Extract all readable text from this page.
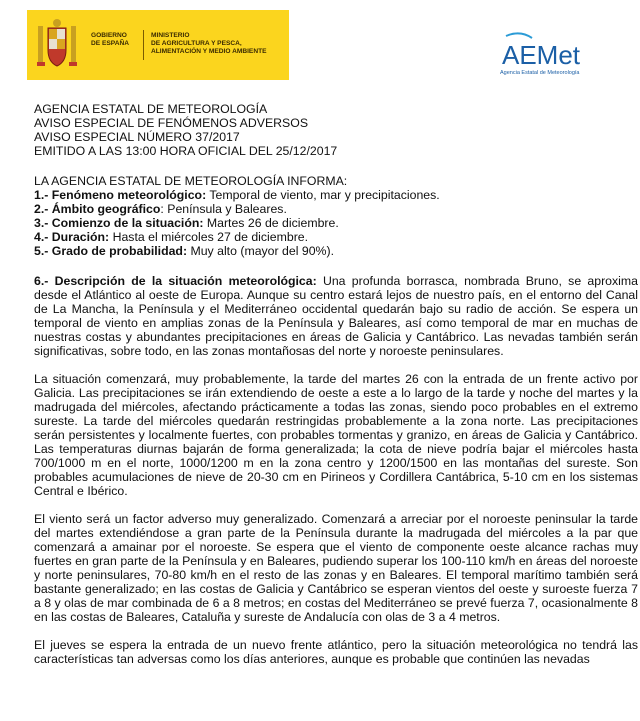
GOBIERNO
DE ESPAÑA
MINISTERIO
DE AGRICULTURA Y PESCA,
ALIMENTACIÓN Y MEDIO AMBIENTE	AEMet
Agencia Estatal de Meteorología

AGENCIA ESTATAL DE METEOROLOGÍA

AVISO ESPECIAL DE FENÓMENOS ADVERSOS

AVISO ESPECIAL NÚMERO 37/2017

EMITIDO A LAS 13:00 HORA OFICIAL DEL 25/12/2017

LA AGENCIA ESTATAL DE METEOROLOGÍA INFORMA:

1.- Fenómeno meteorológico: Temporal de viento, mar y precipitaciones.

2.- Ámbito geográfico: Península y Baleares.

3.- Comienzo de la situación: Martes 26 de diciembre.

4.- Duración: Hasta el miércoles 27 de diciembre.

5.- Grado de probabilidad: Muy alto (mayor del 90%).

6.- Descripción de la situación meteorológica: Una profunda borrasca, nombrada Bruno, se aproxima desde el Atlántico al oeste de Europa. Aunque su centro estará lejos de nuestro país, en el entorno del Canal de La Mancha, la Península y el Mediterráneo occidental quedarán bajo su radio de acción. Se espera un temporal de viento en amplias zonas de la Península y Baleares, así como temporal de mar en muchas de nuestras costas y abundantes precipitaciones en áreas de Galicia y Cantábrico. Las nevadas también serán significativas, sobre todo, en las zonas montañosas del norte y noroeste peninsulares.

La situación comenzará, muy probablemente, la tarde del martes 26 con la entrada de un frente activo por Galicia. Las precipitaciones se irán extendiendo de oeste a este a lo largo de la tarde y noche del martes y la madrugada del miércoles, afectando prácticamente a todas las zonas, siendo poco probables en el extremo sureste. La tarde del miércoles quedarán restringidas probablemente a la zona norte. Las precipitaciones serán persistentes y localmente fuertes, con probables tormentas y granizo, en áreas de Galicia y Cantábrico. Las temperaturas diurnas bajarán de forma generalizada; la cota de nieve podría bajar el miércoles hasta 700/1000 m en el norte, 1000/1200 m en la zona centro y 1200/1500 en las montañas del sureste. Son probables acumulaciones de nieve de 20-30 cm en Pirineos y Cordillera Cantábrica, 5-10 cm en los sistemas Central e Ibérico.

El viento será un factor adverso muy generalizado. Comenzará a arreciar por el noroeste peninsular la tarde del martes extendiéndose a gran parte de la Península durante la madrugada del miércoles a la par que comenzará a amainar por el noroeste. Se espera que el viento de componente oeste alcance rachas muy fuertes en gran parte de la Península y en Baleares, pudiendo superar los 100-110 km/h en áreas del noroeste y norte peninsulares, 70-80 km/h en el resto de las zonas y en Baleares. El temporal marítimo también será bastante generalizado; en las costas de Galicia y Cantábrico se esperan vientos del oeste y suroeste fuerza 7 a 8 y olas de mar combinada de 6 a 8 metros; en costas del Mediterráneo se prevé fuerza 7, ocasionalmente 8 en las costas de Baleares, Cataluña y sureste de Andalucía con olas de 3 a 4 metros.

El jueves se espera la entrada de un nuevo frente atlántico, pero la situación meteorológica no tendrá las características tan adversas como los días anteriores, aunque es probable que continúen las nevadas
